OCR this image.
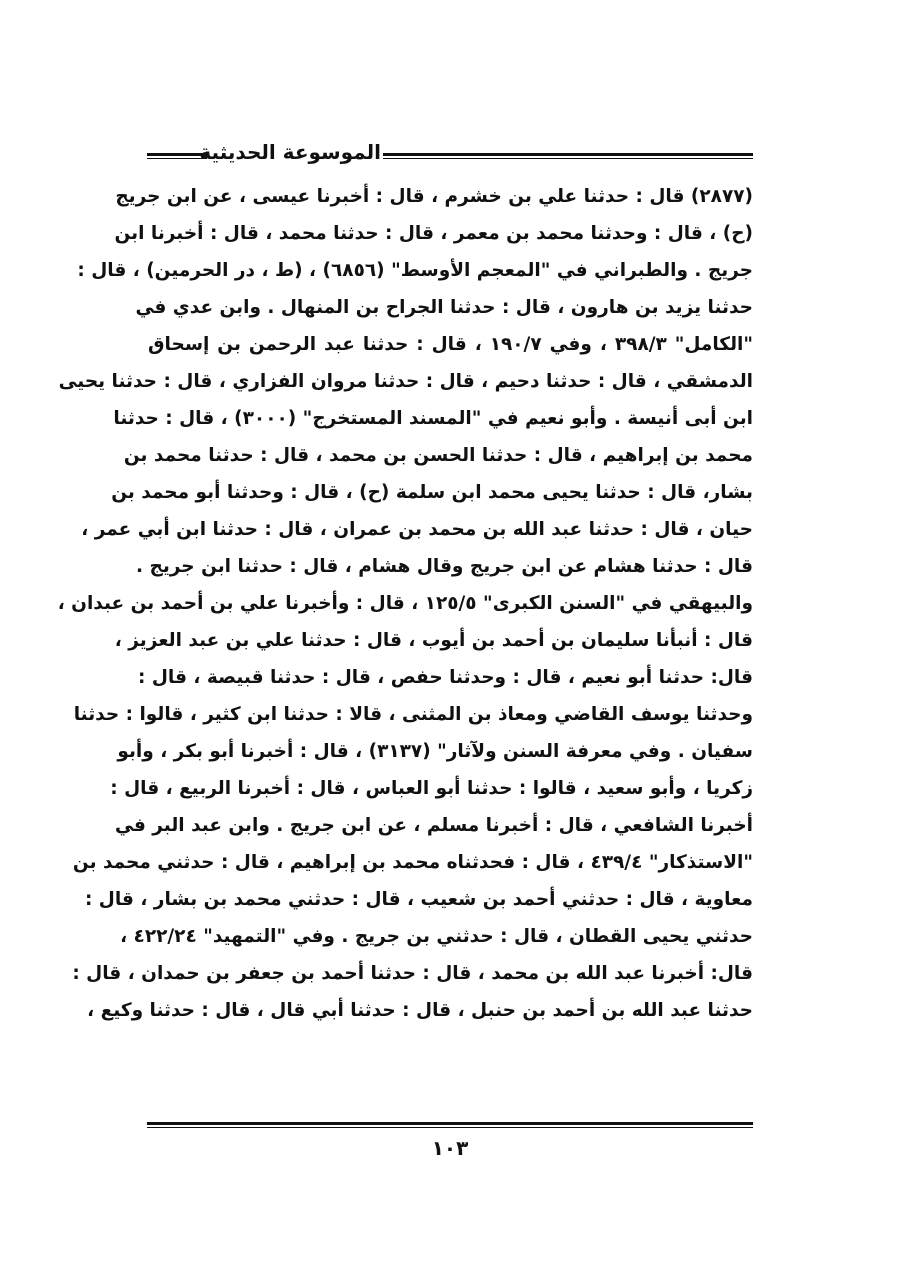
الموسوعة الحديثية
(٢٨٧٧) قال : حدثنا علي بن خشرم ، قال : أخبرنا عيسى ، عن ابن جريج
(ح) ، قال : وحدثنا محمد بن معمر ، قال : حدثنا محمد ، قال : أخبرنا ابن
جريج . والطبراني في "المعجم الأوسط" (٦٨٥٦) ، (ط ، در الحرمين) ، قال :
حدثنا يزيد بن هارون ، قال : حدثنا الجراح بن المنهال . وابن عدي في
"الكامل" ٣٩٨/٣ ، وفي ١٩٠/٧ ، قال : حدثنا عبد الرحمن بن إسحاق
الدمشقي ، قال : حدثنا دحيم ، قال : حدثنا مروان الفزاري ، قال : حدثنا يحيى
ابن أبى أنيسة . وأبو نعيم في "المسند المستخرج" (٣٠٠٠) ، قال : حدثنا
محمد بن إبراهيم ، قال : حدثنا الحسن بن محمد ، قال : حدثنا محمد بن
بشار، قال : حدثنا يحيى محمد ابن سلمة (ح) ، قال : وحدثنا أبو محمد بن
حيان ، قال : حدثنا عبد الله بن محمد بن عمران ، قال : حدثنا ابن أبي عمر ،
قال : حدثنا هشام عن ابن جريج وقال هشام ، قال : حدثنا ابن جريج .
والبيهقي في "السنن الكبرى" ١٢٥/٥ ، قال : وأخبرنا علي بن أحمد بن عبدان ،
قال : أنبأنا سليمان بن أحمد بن أيوب ، قال : حدثنا علي بن عبد العزيز ،
قال: حدثنا أبو نعيم ، قال : وحدثنا حفص ، قال : حدثنا قبيصة ، قال :
وحدثنا يوسف القاضي ومعاذ بن المثنى ، قالا : حدثنا ابن كثير ، قالوا : حدثنا
سفيان . وفي معرفة السنن ولآثار" (٣١٣٧) ، قال : أخبرنا أبو بكر ، وأبو
زكريا ، وأبو سعيد ، قالوا : حدثنا أبو العباس ، قال : أخبرنا الربيع ، قال :
أخبرنا الشافعي ، قال : أخبرنا مسلم ، عن ابن جريج . وابن عبد البر في
"الاستذكار" ٤٣٩/٤ ، قال : فحدثناه محمد بن إبراهيم ، قال : حدثني محمد بن
معاوية ، قال : حدثني أحمد بن شعيب ، قال : حدثني محمد بن بشار ، قال :
حدثني يحيى القطان ، قال : حدثني بن جريج . وفي "التمهيد" ٤٢٢/٢٤ ،
قال: أخبرنا عبد الله بن محمد ، قال : حدثنا أحمد بن جعفر بن حمدان ، قال :
حدثنا عبد الله بن أحمد بن حنبل ، قال : حدثنا أبي قال ، قال : حدثنا وكيع ،
١٠٣
